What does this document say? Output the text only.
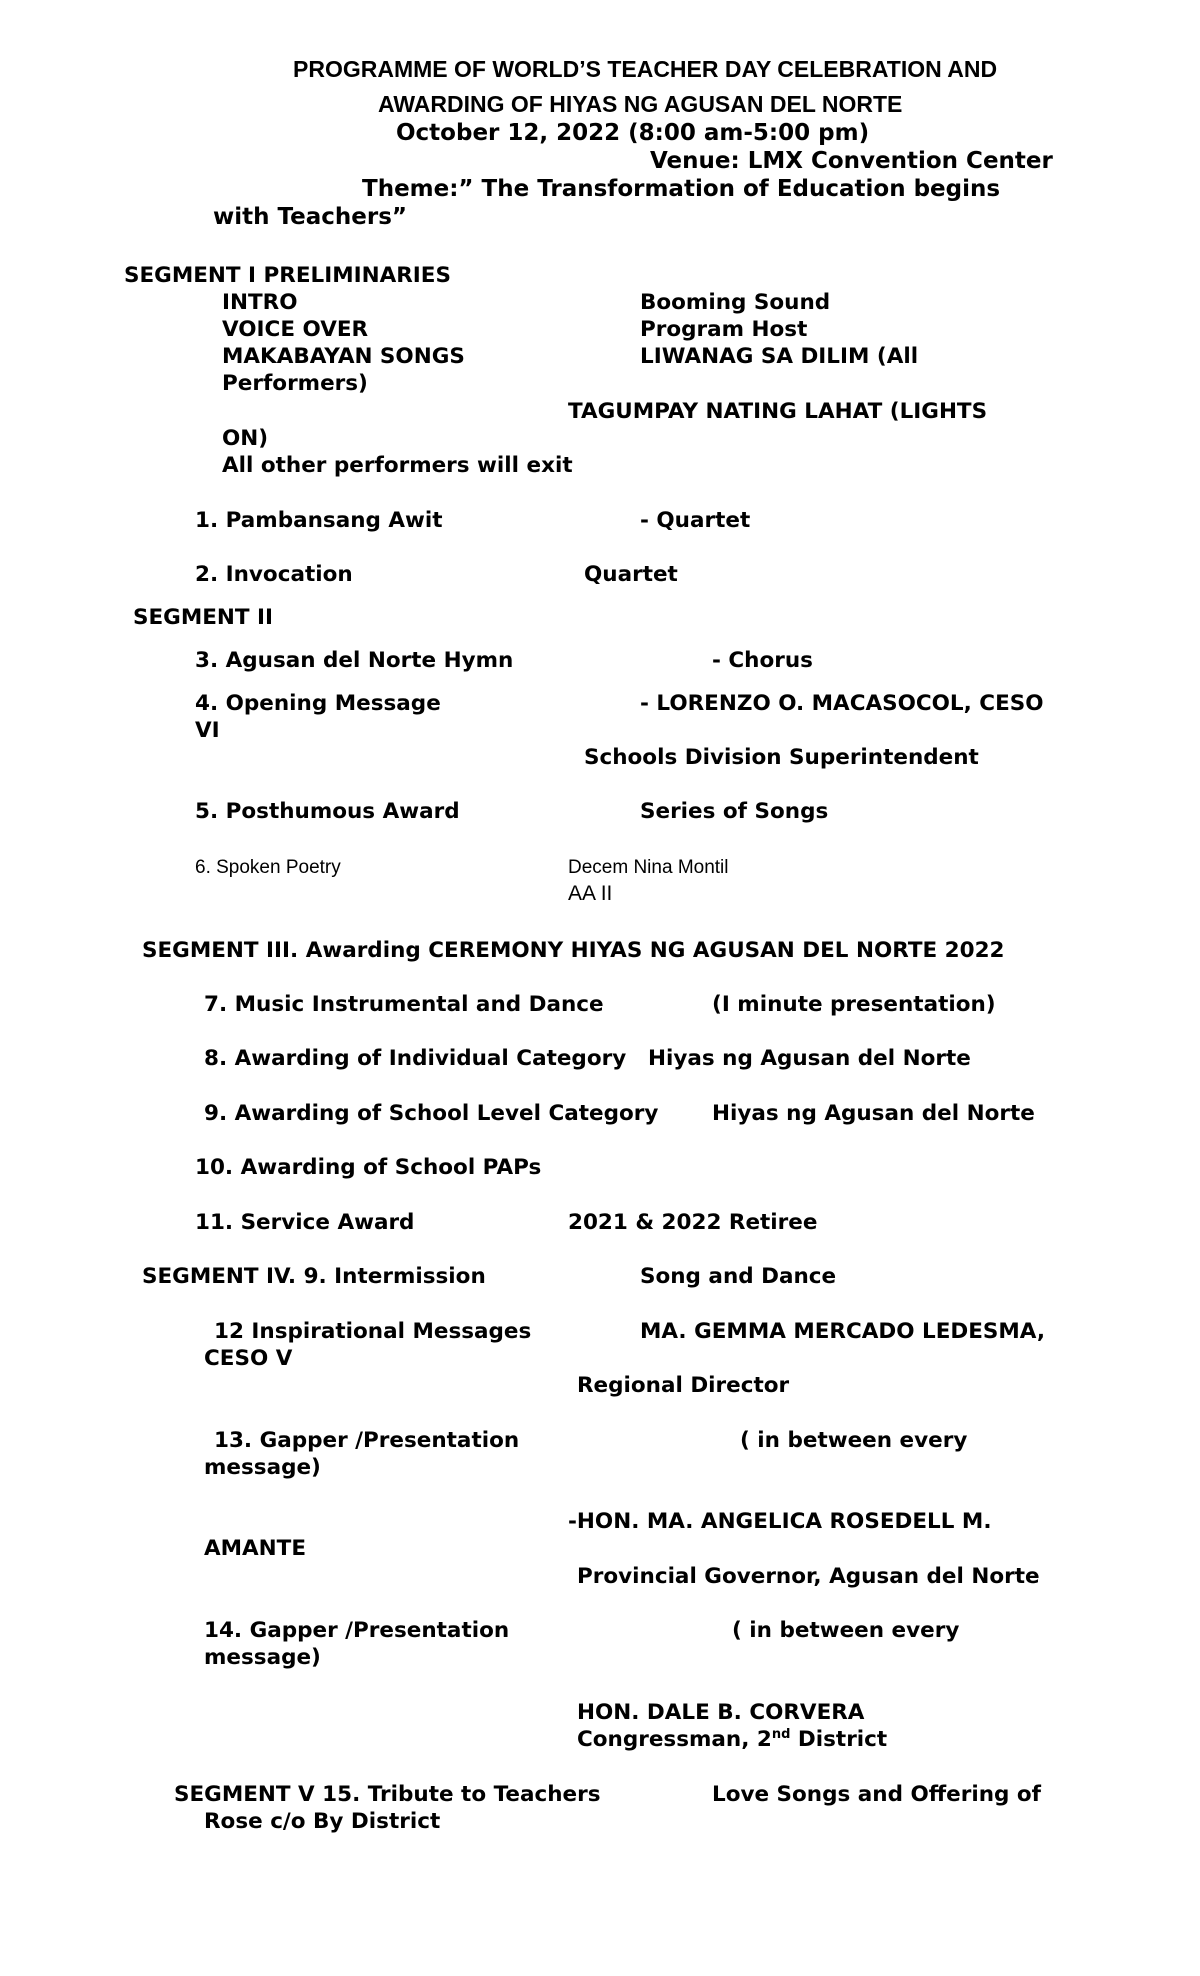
PROGRAMME OF WORLD’S TEACHER DAY CELEBRATION AND
AWARDING OF HIYAS NG AGUSAN DEL NORTE
October 12, 2022 (8:00 am-5:00 pm)
Venue: LMX Convention Center
Theme:” The Transformation of Education begins
with Teachers”
SEGMENT I PRELIMINARIES
INTRO	Booming Sound
VOICE OVER	Program Host
MAKABAYAN SONGS	LIWANAG SA DILIM (All
Performers)
TAGUMPAY NATING LAHAT (LIGHTS
ON)
All other performers will exit
1. Pambansang Awit	- Quartet
2. Invocation	Quartet
SEGMENT II
3. Agusan del Norte Hymn	- Chorus
4. Opening Message	- LORENZO O. MACASOCOL, CESO
VI
Schools Division Superintendent
5. Posthumous Award	Series of Songs
6. Spoken Poetry	Decem Nina Montil
AA II
SEGMENT III. Awarding CEREMONY HIYAS NG AGUSAN DEL NORTE 2022
7. Music Instrumental and Dance	(I minute presentation)
8. Awarding of Individual Category Hiyas ng Agusan del Norte
9. Awarding of School Level Category Hiyas ng Agusan del Norte
10. Awarding of School PAPs
11. Service Award	2021 & 2022 Retiree
SEGMENT IV. 9. Intermission	Song and Dance
12 Inspirational Messages	MA. GEMMA MERCADO LEDESMA,
CESO V
Regional Director
13. Gapper /Presentation	( in between every
message)
-HON. MA. ANGELICA ROSEDELL M.
AMANTE
Provincial Governor, Agusan del Norte
14. Gapper /Presentation	( in between every
message)
HON. DALE B. CORVERA
Congressman, 2nd District
SEGMENT V 15. Tribute to Teachers	Love Songs and Offering of
Rose c/o By District
